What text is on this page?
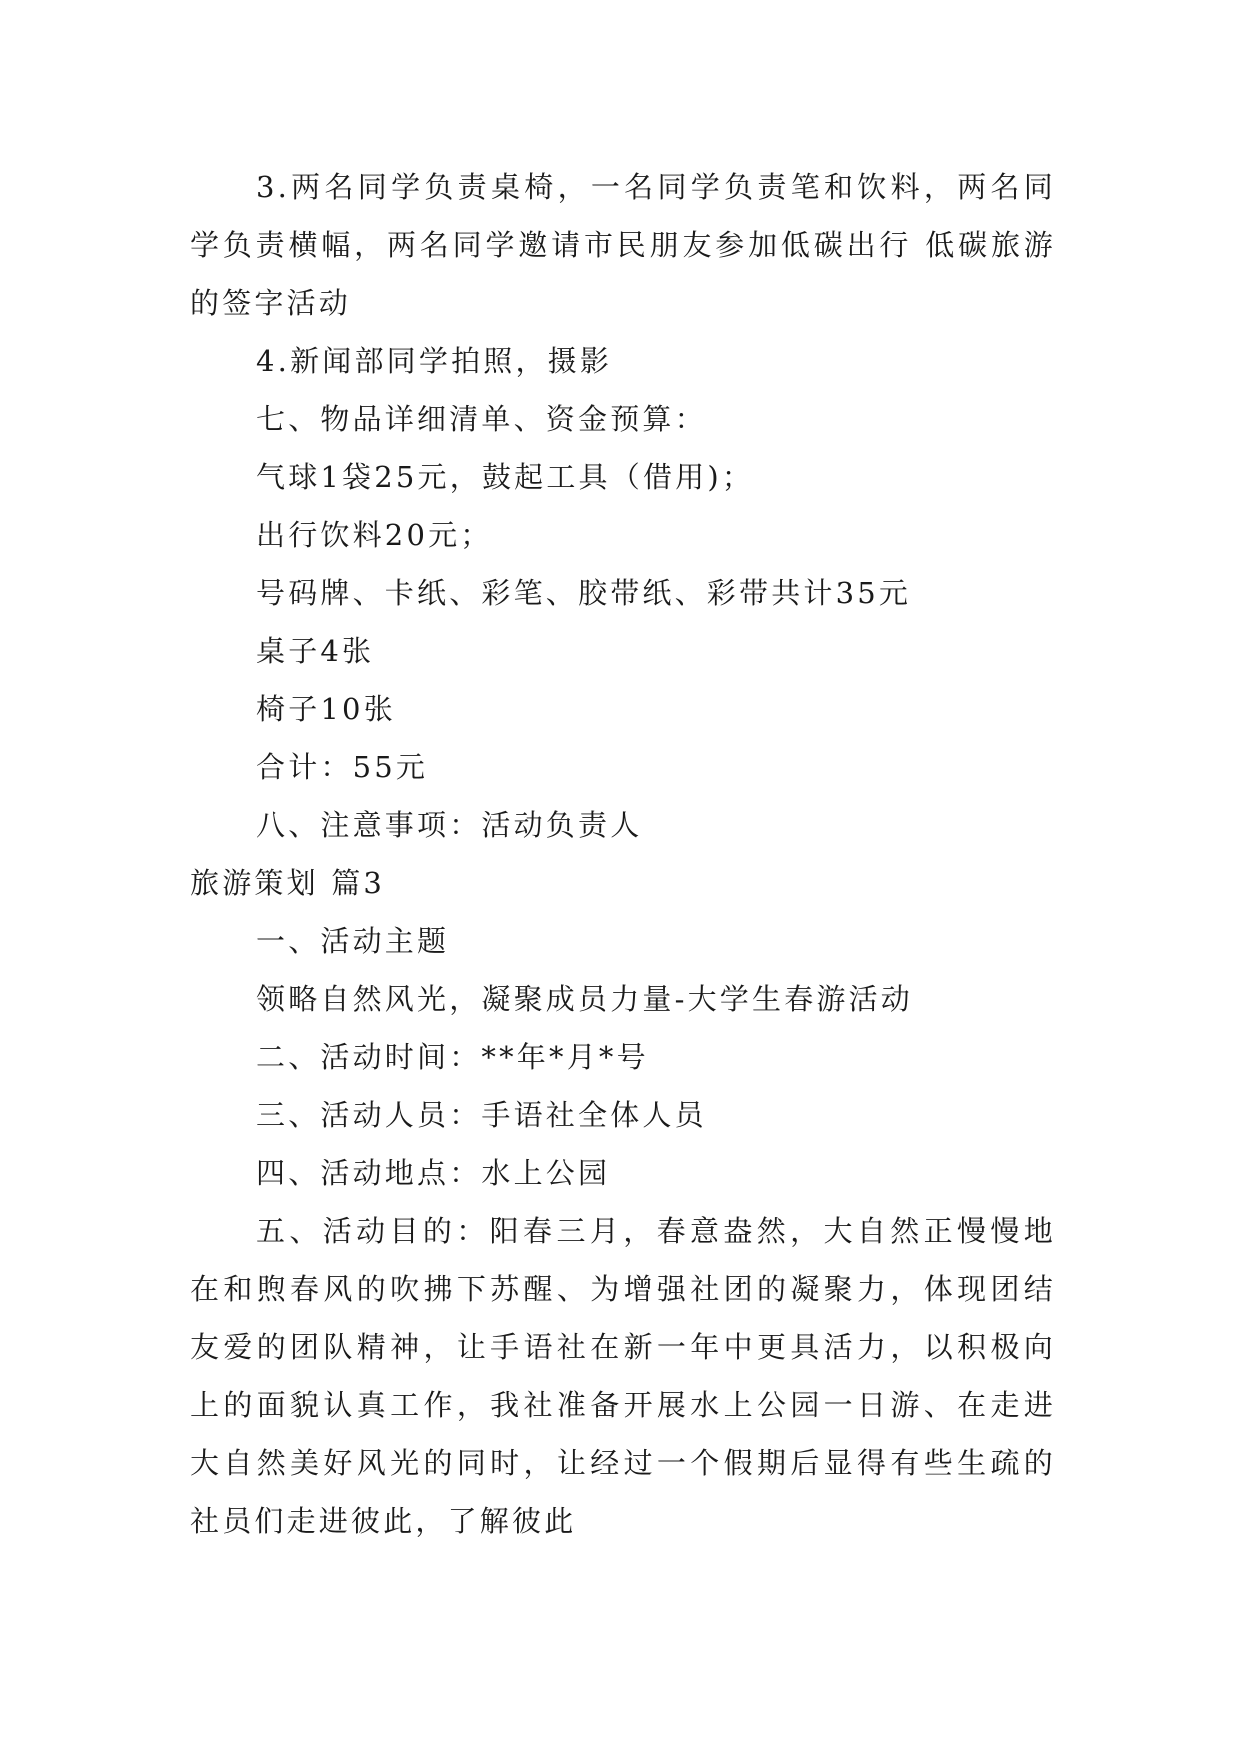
3.两名同学负责桌椅，一名同学负责笔和饮料，两名同学负责横幅，两名同学邀请市民朋友参加低碳出行 低碳旅游的签字活动

4.新闻部同学拍照，摄影

七、物品详细清单、资金预算：

气球1袋25元，鼓起工具（借用)；

出行饮料20元；

号码牌、卡纸、彩笔、胶带纸、彩带共计35元

桌子4张

椅子10张

合计：55元

八、注意事项：活动负责人

旅游策划 篇3

一、活动主题

领略自然风光，凝聚成员力量-大学生春游活动

二、活动时间：**年*月*号

三、活动人员：手语社全体人员

四、活动地点：水上公园

五、活动目的：阳春三月，春意盎然，大自然正慢慢地在和煦春风的吹拂下苏醒、为增强社团的凝聚力，体现团结友爱的团队精神，让手语社在新一年中更具活力，以积极向上的面貌认真工作，我社准备开展水上公园一日游、在走进大自然美好风光的同时，让经过一个假期后显得有些生疏的社员们走进彼此，了解彼此
